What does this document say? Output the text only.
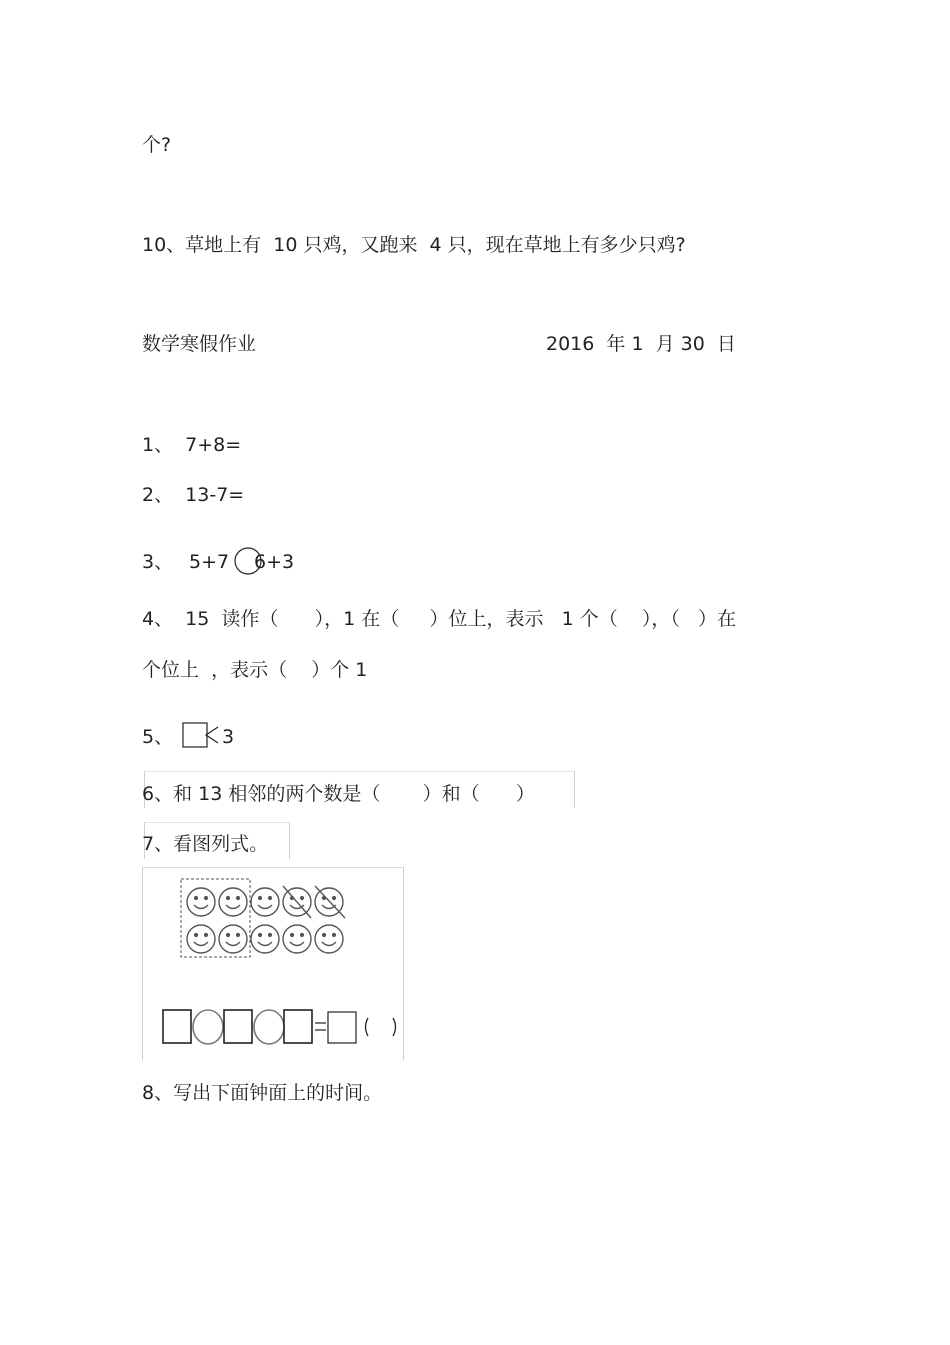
个?
10、草地上有  10 只鸡，又跑来  4 只，现在草地上有多少只鸡?
数学寒假作业	2016  年 1  月 30  日
1、  7+8=
2、  13-7=
3、 5+7 6+3
4、  15  读作（      ），1 在（     ）位上，表示   1 个（    ），（   ）在
个位上  ，表示（    ）个 1
5、	3
6、和 13 相邻的两个数是（       ）和（      ）
7、看图列式。
8、写出下面钟面上的时间。
